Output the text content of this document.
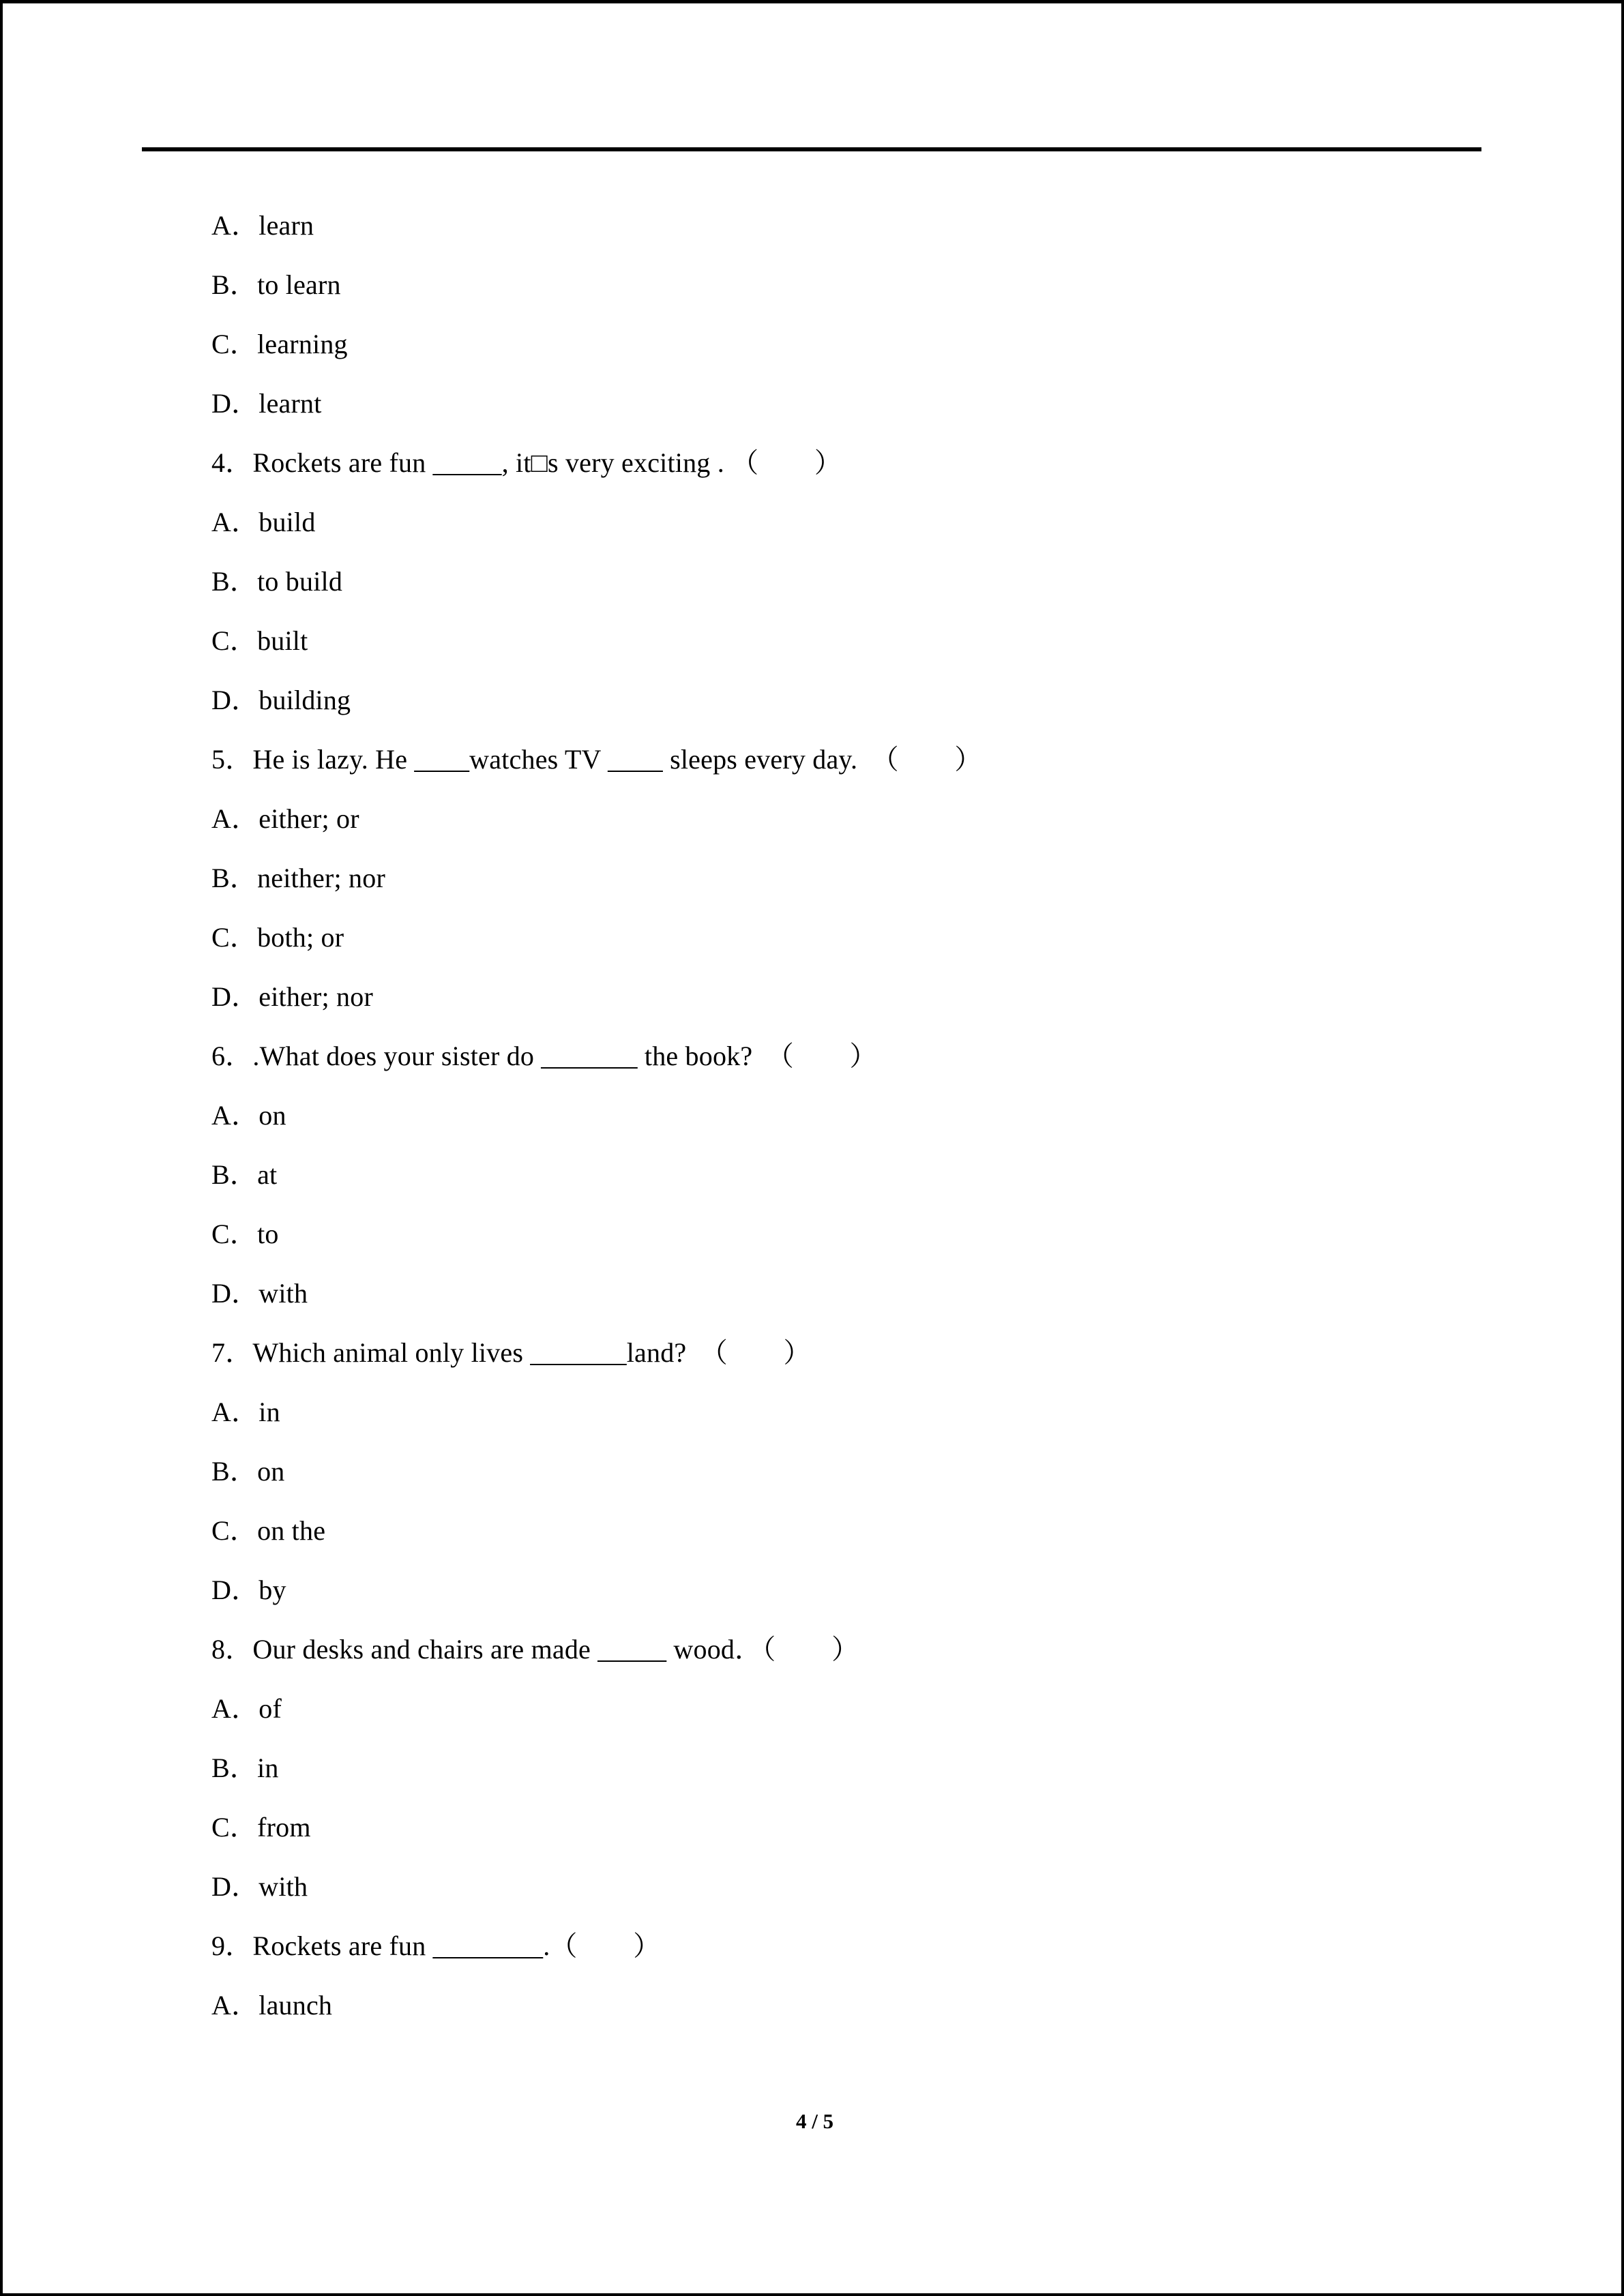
A．learn
B．to learn
C．learning
D．learnt
4．Rockets are fun _____, it□s very exciting . （        ）
A．build
B．to build
C．built
D．building
5．He is lazy. He ____watches TV ____ sleeps every day.  （        ）
A．either; or
B．neither; nor
C．both; or
D．either; nor
6．.What does your sister do _______ the book?  （        ）
A．on
B．at
C．to
D．with
7．Which animal only lives _______land?  （        ）
A．in
B．on
C．on the
D．by
8．Our desks and chairs are made _____ wood．（        ）
A．of
B．in
C．from
D．with
9．Rockets are fun ________.（        ）
A．launch
4 / 5
